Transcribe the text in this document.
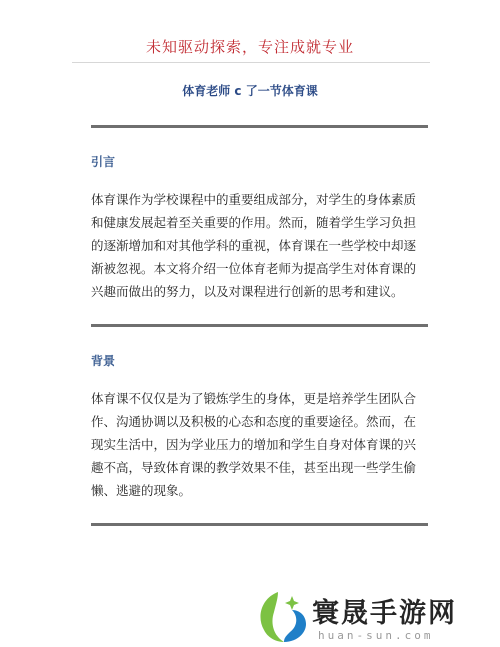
未知驱动探索，专注成就专业
体育老师 c 了一节体育课
引言

体育课作为学校课程中的重要组成部分，对学生的身体素质和健康发展起着至关重要的作用。然而，随着学生学习负担的逐渐增加和对其他学科的重视，体育课在一些学校中却逐渐被忽视。本文将介绍一位体育老师为提高学生对体育课的兴趣而做出的努力，以及对课程进行创新的思考和建议。

背景

体育课不仅仅是为了锻炼学生的身体，更是培养学生团队合作、沟通协调以及积极的心态和态度的重要途径。然而，在现实生活中，因为学业压力的增加和学生自身对体育课的兴趣不高，导致体育课的教学效果不佳，甚至出现一些学生偷懒、逃避的现象。

寰晟手游网
huan-sun.com
